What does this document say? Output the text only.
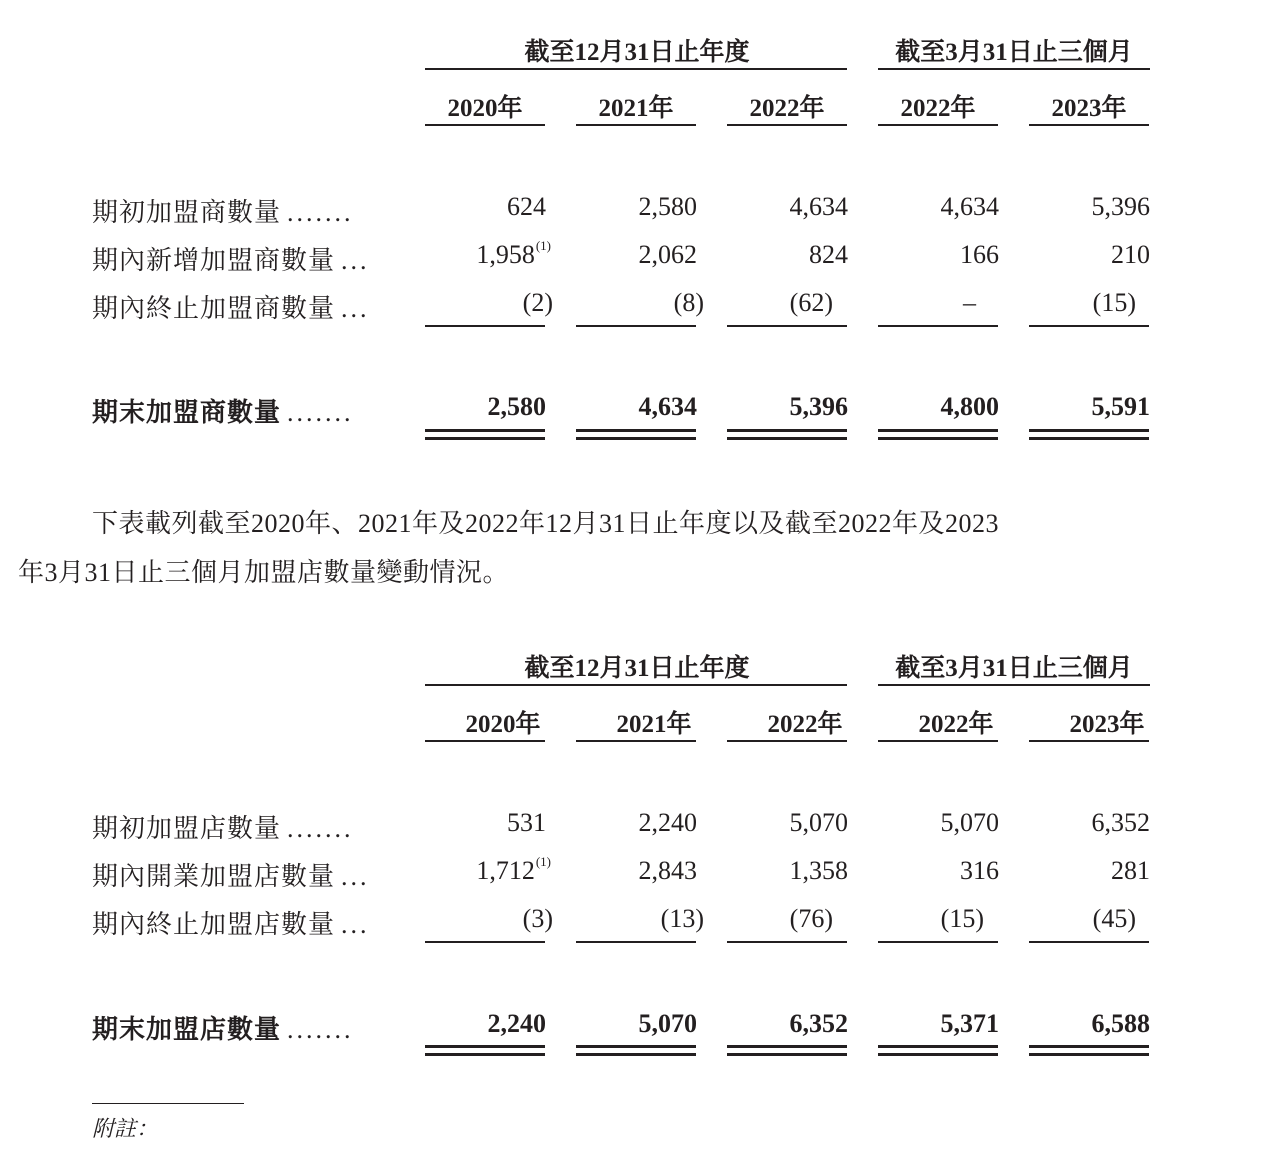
截至12月31日止年度	截至3月31日止三個月
2020年	2021年	2022年	2022年	2023年
期初加盟商數量 .......	624	2,580	4,634	4,634	5,396
期內新增加盟商數量 ...	1,958$^{(1)}$	2,062	824	166	210
期內終止加盟商數量 ...	(2)	(8)	(62)	–	(15)
期末加盟商數量 .......	2,580	4,634	5,396	4,800	5,591
下表載列截至2020年、2021年及2022年12月31日止年度以及截至2022年及2023
年3月31日止三個月加盟店數量變動情況。
截至12月31日止年度	截至3月31日止三個月
2020年	2021年	2022年	2022年	2023年
期初加盟店數量 .......	531	2,240	5,070	5,070	6,352
期內開業加盟店數量 ...	1,712$^{(1)}$	2,843	1,358	316	281
期內終止加盟店數量 ...	(3)	(13)	(76)	(15)	(45)
期末加盟店數量 .......	2,240	5,070	6,352	5,371	6,588
附註：
